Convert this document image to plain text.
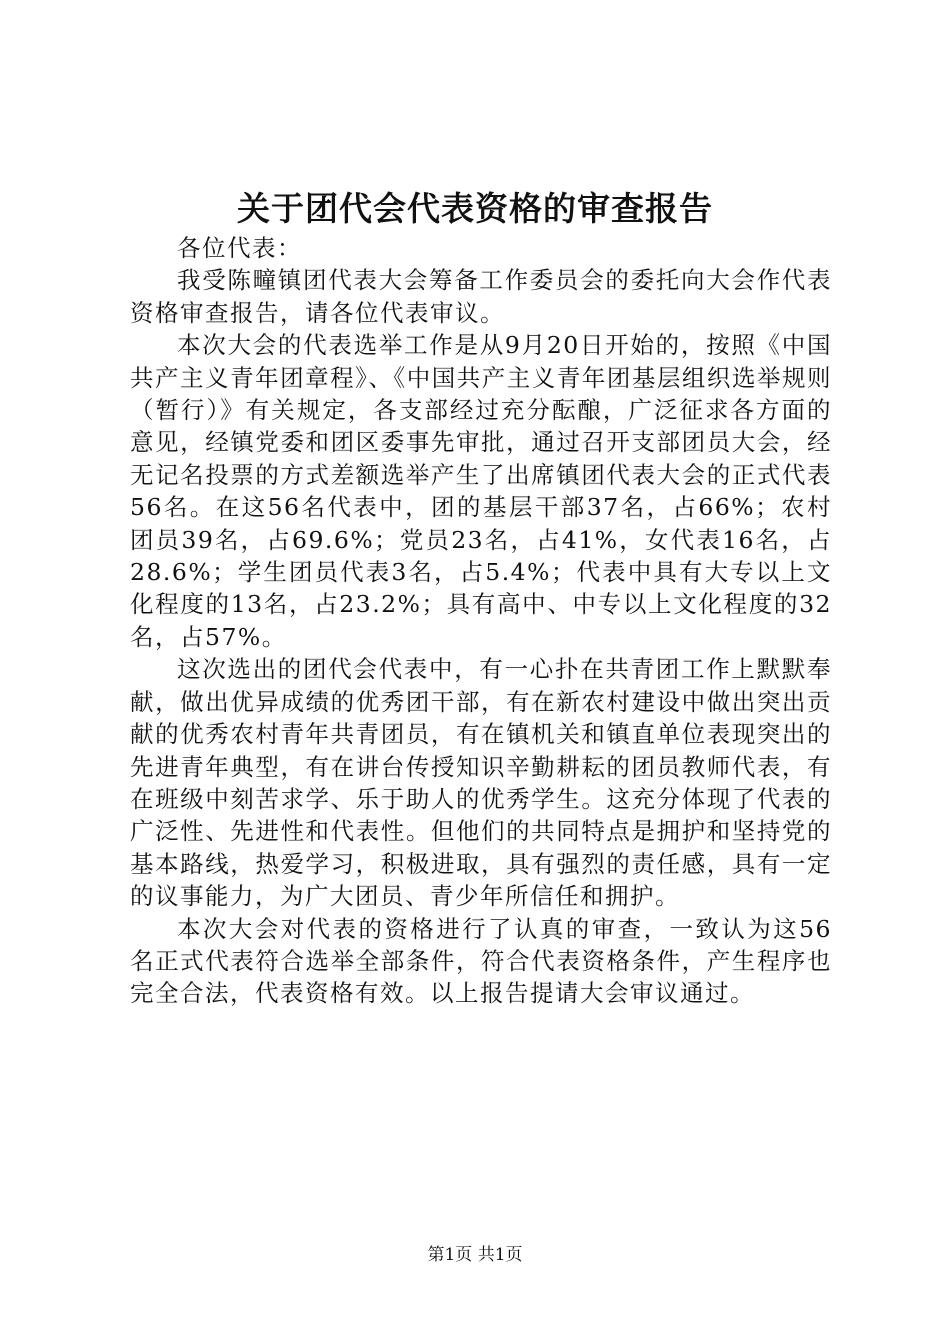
关于团代会代表资格的审查报告

各位代表：

我受陈疃镇团代表大会筹备工作委员会的委托向大会作代表资格审查报告，请各位代表审议。

本次大会的代表选举工作是从9月20日开始的，按照《中国共产主义青年团章程》、《中国共产主义青年团基层组织选举规则（暂行）》有关规定，各支部经过充分酝酿，广泛征求各方面的意见，经镇党委和团区委事先审批，通过召开支部团员大会，经无记名投票的方式差额选举产生了出席镇团代表大会的正式代表56名。在这56名代表中，团的基层干部37名，占66%；农村团员39名，占69.6%；党员23名，占41%，女代表16名，占28.6%；学生团员代表3名，占5.4%；代表中具有大专以上文化程度的13名，占23.2%；具有高中、中专以上文化程度的32名，占57%。

这次选出的团代会代表中，有一心扑在共青团工作上默默奉献，做出优异成绩的优秀团干部，有在新农村建设中做出突出贡献的优秀农村青年共青团员，有在镇机关和镇直单位表现突出的先进青年典型，有在讲台传授知识辛勤耕耘的团员教师代表，有在班级中刻苦求学、乐于助人的优秀学生。这充分体现了代表的广泛性、先进性和代表性。但他们的共同特点是拥护和坚持党的基本路线，热爱学习，积极进取，具有强烈的责任感，具有一定的议事能力，为广大团员、青少年所信任和拥护。

本次大会对代表的资格进行了认真的审查，一致认为这56名正式代表符合选举全部条件，符合代表资格条件，产生程序也完全合法，代表资格有效。以上报告提请大会审议通过。

第1页 共1页
